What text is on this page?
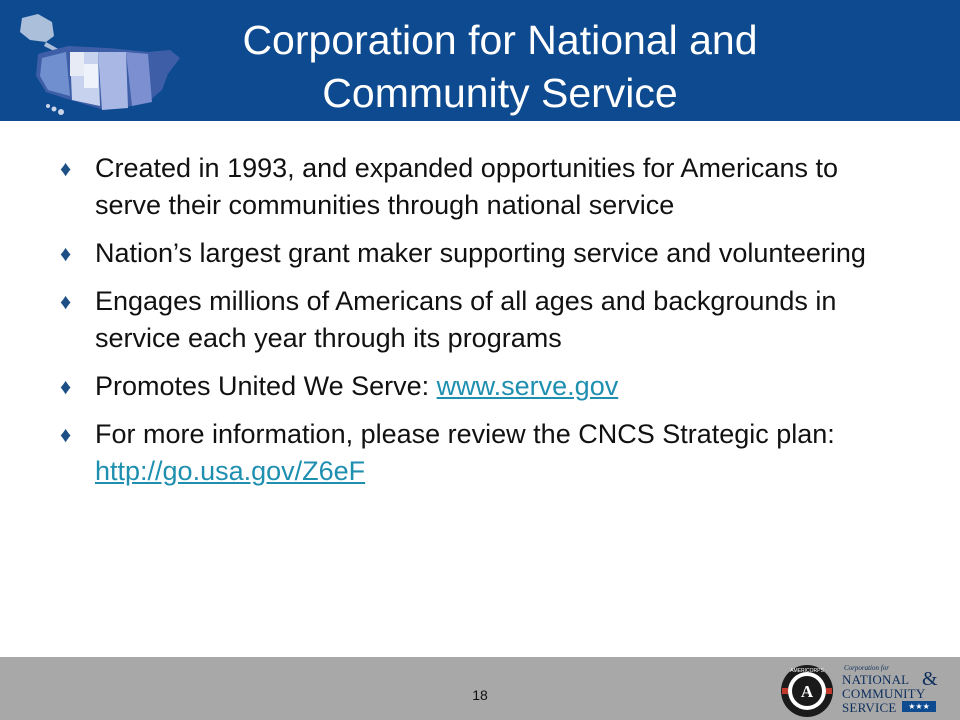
Corporation for National and
Community Service
♦ Created in 1993, and expanded opportunities for Americans to serve their communities through national service
♦ Nation’s largest grant maker supporting service and volunteering
♦ Engages millions of Americans of all ages and backgrounds in service each year through its programs
♦ Promotes United We Serve: www.serve.gov
♦ For more information, please review the CNCS Strategic plan: http://go.usa.gov/Z6eF
18	A
AMERICORPS	Corporation for
NATIONAL &
COMMUNITY
SERVICE	★★★
